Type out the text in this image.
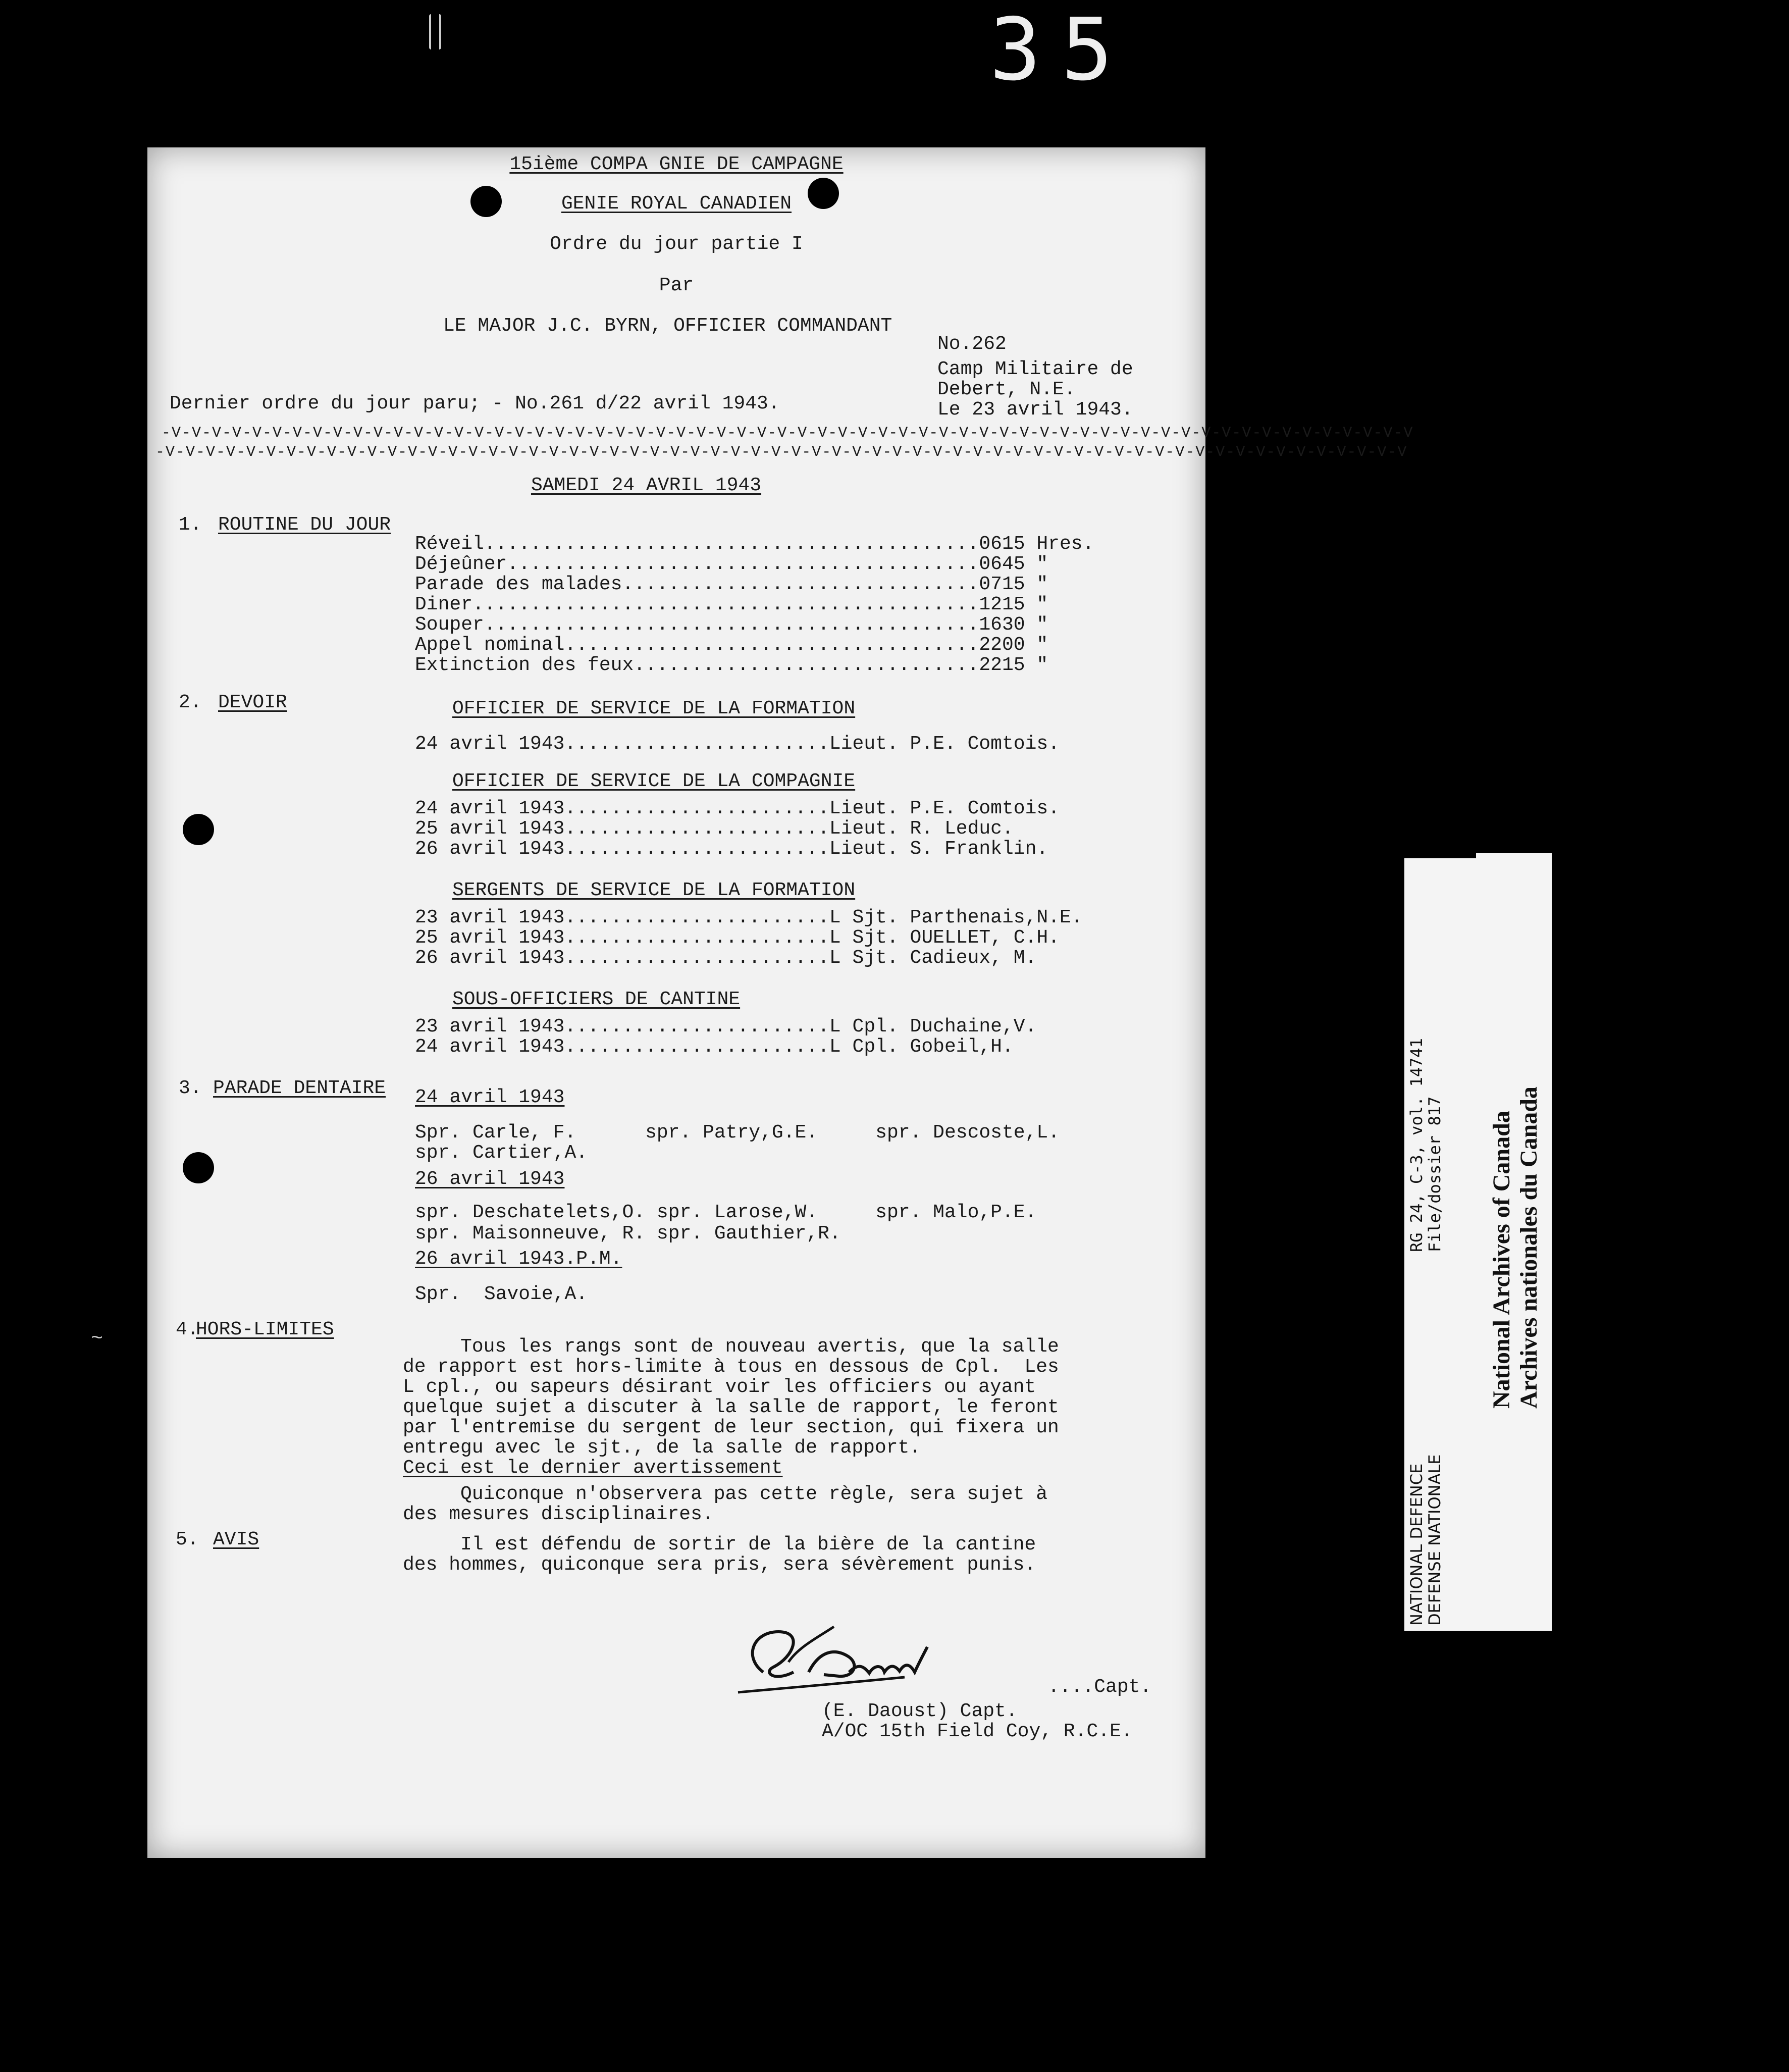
35
~
15ième COMPA GNIE DE CAMPAGNE
GENIE ROYAL CANADIEN
Ordre du jour partie I
Par
LE MAJOR J.C. BYRN, OFFICIER COMMANDANT
No.262
Camp Militaire de
Debert, N.E.
Le 23 avril 1943.
Dernier ordre du jour paru; - No.261 d/22 avril 1943.
-V-V-V-V-V-V-V-V-V-V-V-V-V-V-V-V-V-V-V-V-V-V-V-V-V-V-V-V-V-V-V-V-V-V-V-V-V-V-V-V-V-V-V-V-V-V-V-V-V-V-V-V-V-V-V-V-V-V-V-V-V-V
-V-V-V-V-V-V-V-V-V-V-V-V-V-V-V-V-V-V-V-V-V-V-V-V-V-V-V-V-V-V-V-V-V-V-V-V-V-V-V-V-V-V-V-V-V-V-V-V-V-V-V-V-V-V-V-V-V-V-V-V-V-V
SAMEDI 24 AVRIL 1943
1. ROUTINE DU JOUR
Réveil...........................................0615 Hres.
Déjeûner.........................................0645 "
Parade des malades...............................0715 "
Diner............................................1215 "
Souper...........................................1630 "
Appel nominal....................................2200 "
Extinction des feux..............................2215 "
2. DEVOIR	OFFICIER DE SERVICE DE LA FORMATION
24 avril 1943.......................Lieut. P.E. Comtois.
OFFICIER DE SERVICE DE LA COMPAGNIE
24 avril 1943.......................Lieut. P.E. Comtois.
25 avril 1943.......................Lieut. R. Leduc.
26 avril 1943.......................Lieut. S. Franklin.
SERGENTS DE SERVICE DE LA FORMATION
23 avril 1943.......................L Sjt. Parthenais,N.E.
25 avril 1943.......................L Sjt. OUELLET, C.H.
26 avril 1943.......................L Sjt. Cadieux, M.
SOUS-OFFICIERS DE CANTINE
23 avril 1943.......................L Cpl. Duchaine,V.
24 avril 1943.......................L Cpl. Gobeil,H.
3. PARADE DENTAIRE 24 avril 1943
Spr. Carle, F.      spr. Patry,G.E.     spr. Descoste,L.
spr. Cartier,A.
26 avril 1943
spr. Deschatelets,O. spr. Larose,W.     spr. Malo,P.E.
spr. Maisonneuve, R. spr. Gauthier,R.
26 avril 1943.P.M.
Spr.  Savoie,A.
4.
HORS-LIMITES
Tous les rangs sont de nouveau avertis, que la salle
de rapport est hors-limite à tous en dessous de Cpl.  Les
L cpl., ou sapeurs désirant voir les officiers ou ayant
quelque sujet a discuter à la salle de rapport, le feront
par l'entremise du sergent de leur section, qui fixera un
entregu avec le sjt., de la salle de rapport.
Ceci est le dernier avertissement
Quiconque n'observera pas cette règle, sera sujet à
des mesures disciplinaires.
5. AVIS	Il est défendu de sortir de la bière de la cantine
des hommes, quiconque sera pris, sera sévèrement punis.
....Capt.
(E. Daoust) Capt.
A/OC 15th Field Coy, R.C.E.
RG 24, C-3, vol. 14741
File/dossier 817
NATIONAL DEFENCE
DEFENSE NATIONALE
National Archives of Canada Archives nationales du Canada
